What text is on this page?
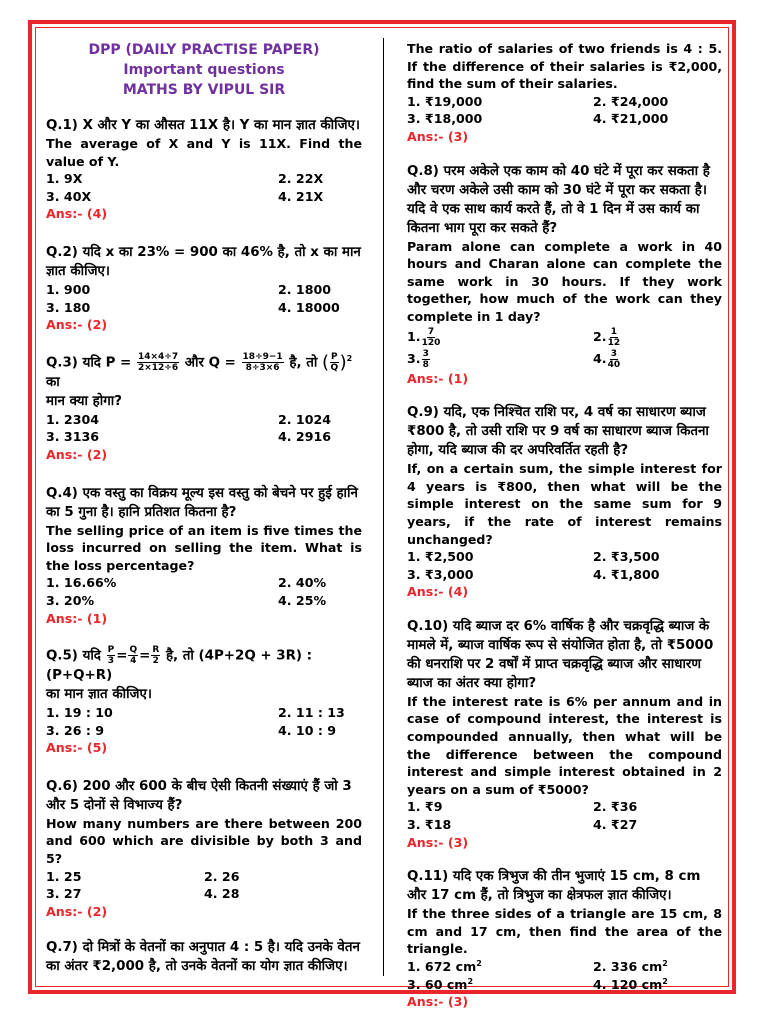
DPP (DAILY PRACTISE PAPER)
Important questions
MATHS BY VIPUL SIR
Q.1) X और Y का औसत 11X है। Y का मान ज्ञात कीजिए।
The average of X and Y is 11X. Find the value of Y.
1. 9X	2. 22X
3. 40X	4. 21X
Ans:- (4)
Q.2) यदि x का 23% = 900 का 46% है, तो x का मान ज्ञात कीजिए।
1. 900	2. 1800
3. 180	4. 18000
Ans:- (2)
Q.3) यदि $P = \frac{14\times 4\div 7}{2\times 12\div 6}$ और $Q = \frac{18\div 9-1}{8\div 3\times 6}$ है, तो ( $\frac{P}{Q} )^2$ का
मान क्या होगा?
1. 2304	2. 1024
3. 3136	4. 2916
Ans:- (2)
Q.4) एक वस्तु का विक्रय मूल्य इस वस्तु को बेचने पर हुई हानि का 5 गुना है। हानि प्रतिशत कितना है?
The selling price of an item is five times the loss incurred on selling the item. What is the loss percentage?
1. 16.66%	2. 40%
3. 20%	4. 25%
Ans:- (1)
Q.5) यदि $\frac{P}{3} = \frac{Q}{4} = \frac{R}{2}$ है, तो (4P+2Q + 3R) : (P+Q+R)
का मान ज्ञात कीजिए।
1. 19 : 10	2. 11 : 13
3. 26 : 9	4. 10 : 9
Ans:- (5)
Q.6) 200 और 600 के बीच ऐसी कितनी संख्याएं हैं जो 3 और 5 दोनों से विभाज्य हैं?
How many numbers are there between 200 and 600 which are divisible by both 3 and 5?
1. 25	2. 26
3. 27	4. 28
Ans:- (2)
Q.7) दो मित्रों के वेतनों का अनुपात 4 : 5 है। यदि उनके वेतन का अंतर ₹2,000 है, तो उनके वेतनों का योग ज्ञात कीजिए।
The ratio of salaries of two friends is 4 : 5. If the difference of their salaries is ₹2,000, find the sum of their salaries.
1. ₹19,000	2. ₹24,000
3. ₹18,000	4. ₹21,000
Ans:- (3)
Q.8) परम अकेले एक काम को 40 घंटे में पूरा कर सकता है और चरण अकेले उसी काम को 30 घंटे में पूरा कर सकता है। यदि वे एक साथ कार्य करते हैं, तो वे 1 दिन में उस कार्य का कितना भाग पूरा कर सकते हैं?
Param alone can complete a work in 40 hours and Charan alone can complete the same work in 30 hours. If they work together, how much of the work can they complete in 1 day?
1. $\frac{7}{120}$	2. $\frac{1}{12}$
3. $\frac{3}{8}$	4. $\frac{3}{40}$
Ans:- (1)
Q.9) यदि, एक निश्चित राशि पर, 4 वर्ष का साधारण ब्याज ₹800 है, तो उसी राशि पर 9 वर्ष का साधारण ब्याज कितना होगा, यदि ब्याज की दर अपरिवर्तित रहती है?
If, on a certain sum, the simple interest for 4 years is ₹800, then what will be the simple interest on the same sum for 9 years, if the rate of interest remains unchanged?
1. ₹2,500	2. ₹3,500
3. ₹3,000	4. ₹1,800
Ans:- (4)
Q.10) यदि ब्याज दर 6% वार्षिक है और चक्रवृद्धि ब्याज के मामले में, ब्याज वार्षिक रूप से संयोजित होता है, तो ₹5000 की धनराशि पर 2 वर्षों में प्राप्त चक्रवृद्धि ब्याज और साधारण ब्याज का अंतर क्या होगा?
If the interest rate is 6% per annum and in case of compound interest, the interest is compounded annually, then what will be the difference between the compound interest and simple interest obtained in 2 years on a sum of ₹5000?
1. ₹9	2. ₹36
3. ₹18	4. ₹27
Ans:- (3)
Q.11) यदि एक त्रिभुज की तीन भुजाएं 15 cm, 8 cm और 17 cm हैं, तो त्रिभुज का क्षेत्रफल ज्ञात कीजिए।
If the three sides of a triangle are 15 cm, 8 cm and 17 cm, then find the area of the triangle.
1. 672 $cm^2$	2. 336 $cm^2$
3. 60 $cm^2$	4. 120 $cm^2$
Ans:- (3)
